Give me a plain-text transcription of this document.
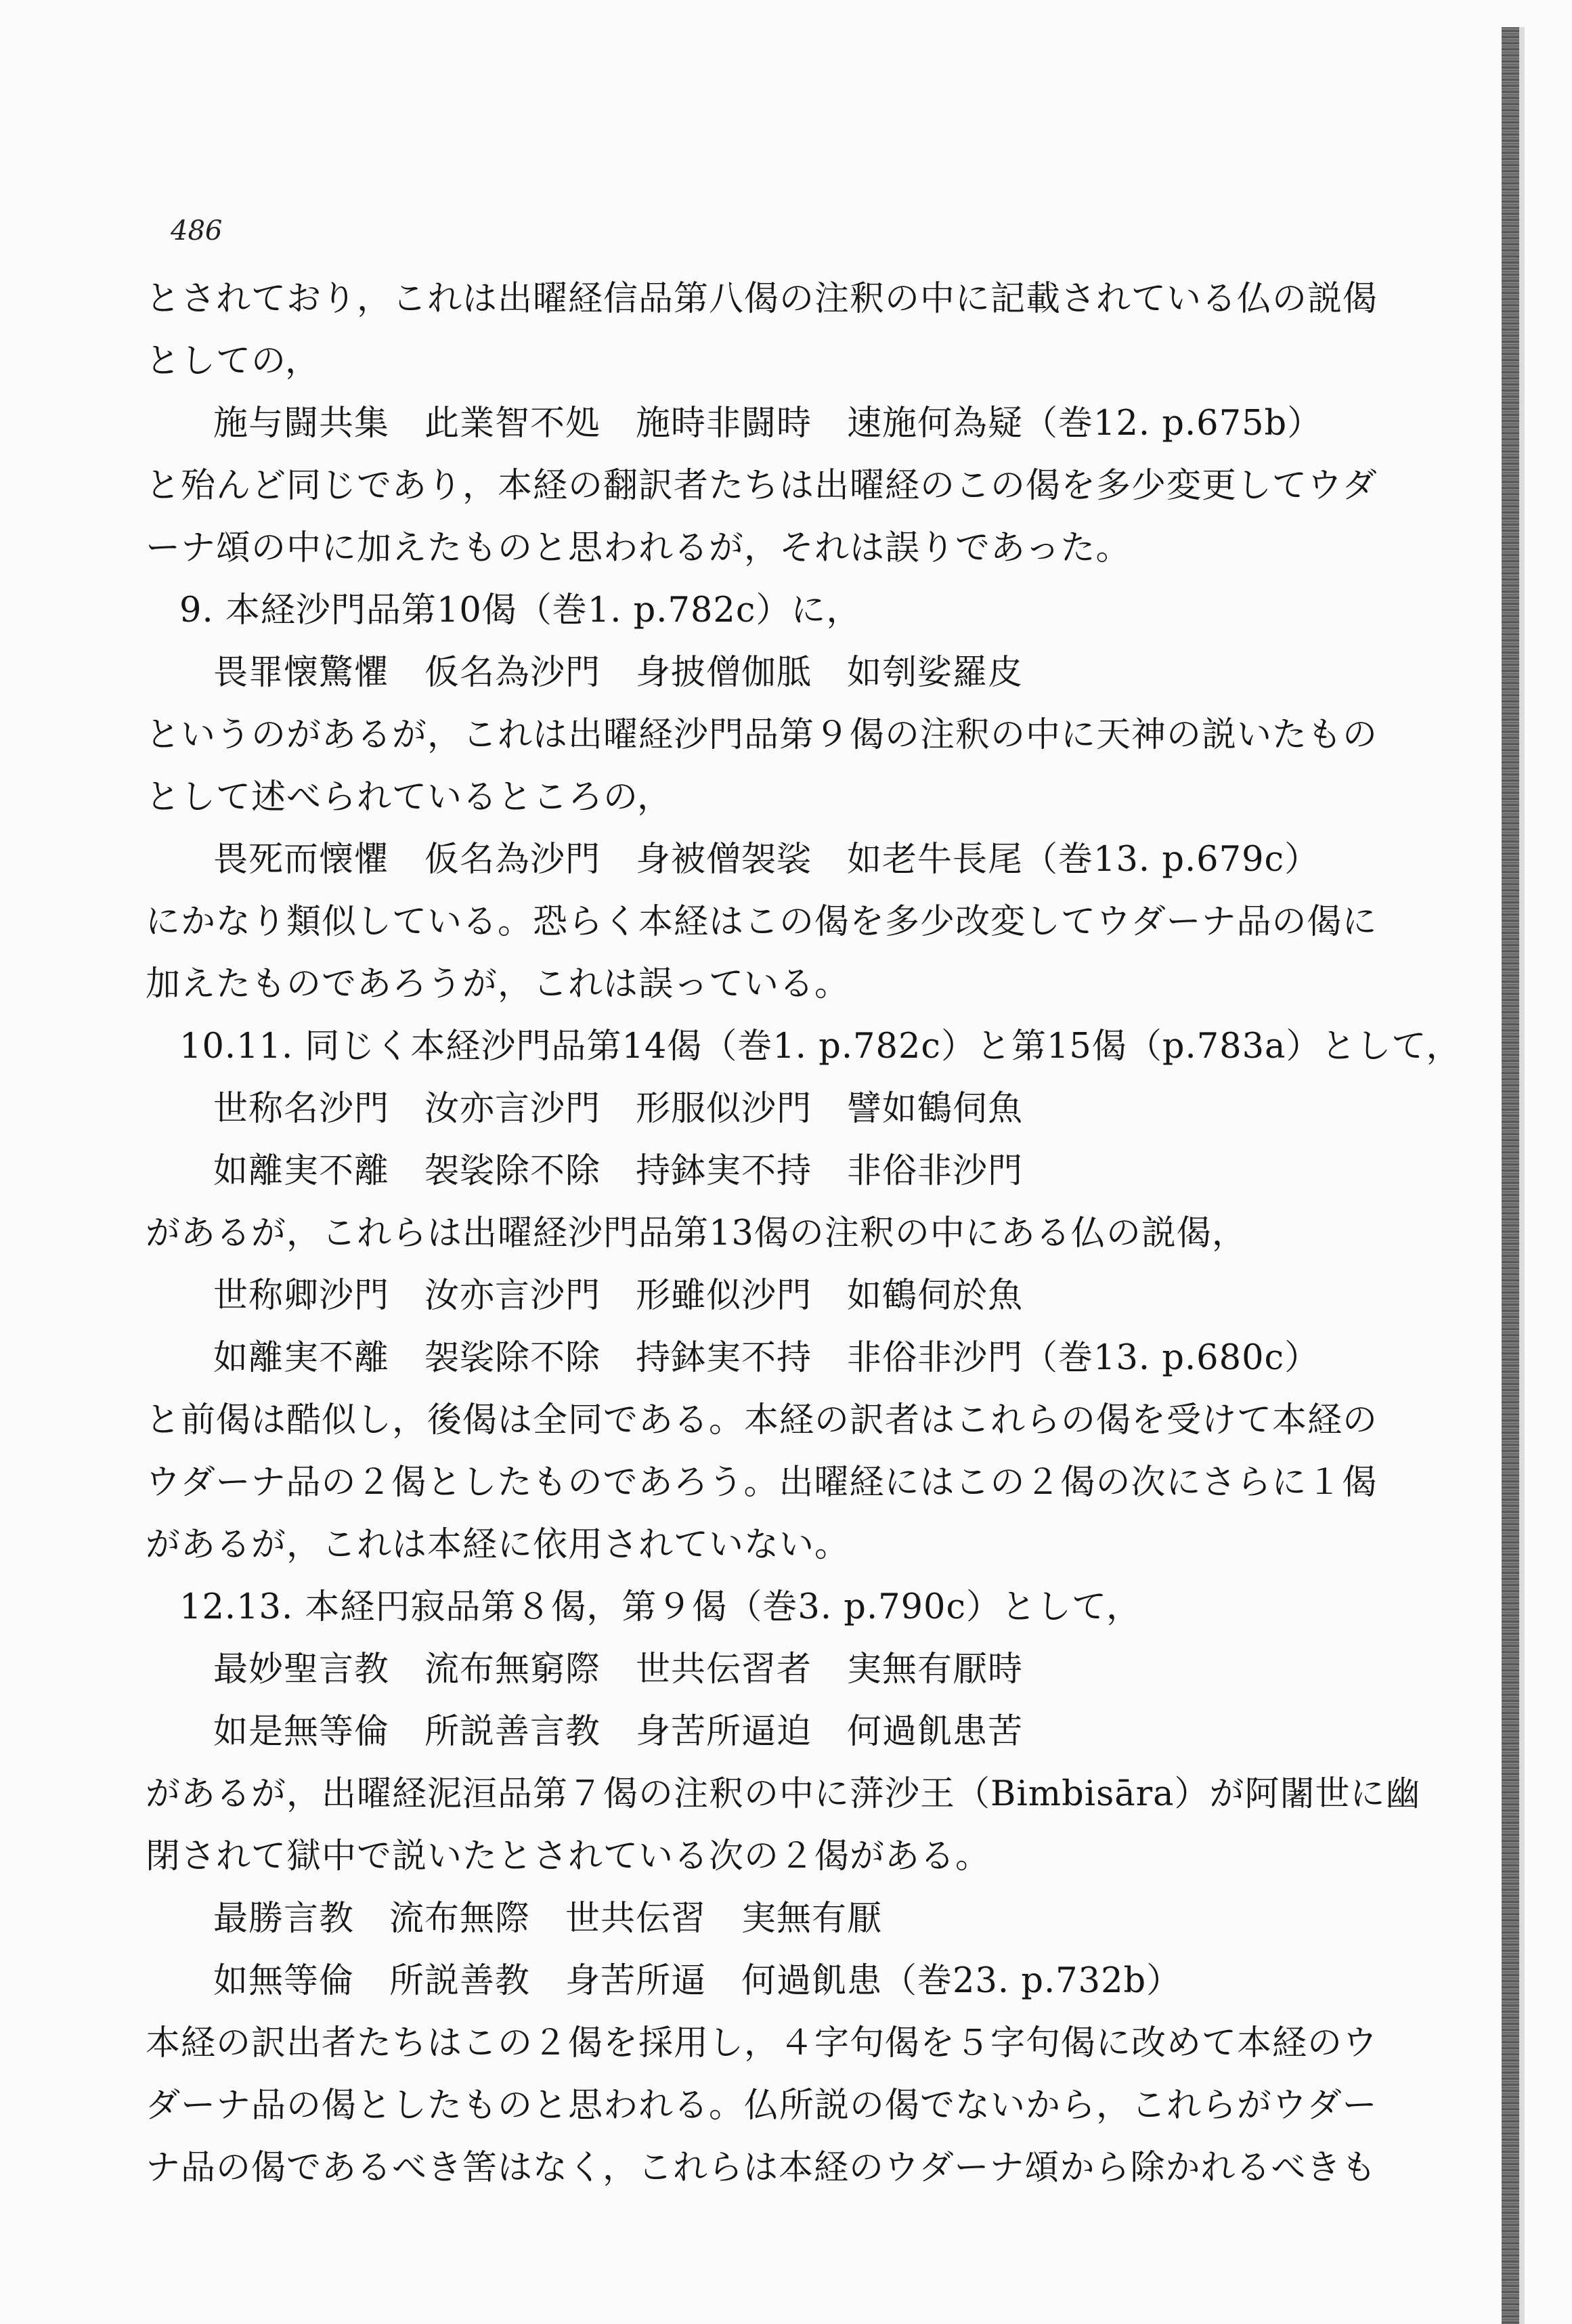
486
とされており，これは出曜経信品第八偈の注釈の中に記載されている仏の説偈
としての，
施与闘共集　此業智不処　施時非闘時　速施何為疑（巻12. p.675b）
と殆んど同じであり，本経の翻訳者たちは出曜経のこの偈を多少変更してウダ
ーナ頌の中に加えたものと思われるが，それは誤りであった。
9. 本経沙門品第10偈（巻1. p.782c）に，
畏罪懐驚懼　仮名為沙門　身披僧伽胝　如刳娑羅皮
というのがあるが，これは出曜経沙門品第９偈の注釈の中に天神の説いたもの
として述べられているところの，
畏死而懐懼　仮名為沙門　身被僧袈裟　如老牛長尾（巻13. p.679c）
にかなり類似している。恐らく本経はこの偈を多少改変してウダーナ品の偈に
加えたものであろうが，これは誤っている。
10.11. 同じく本経沙門品第14偈（巻1. p.782c）と第15偈（p.783a）として，
世称名沙門　汝亦言沙門　形服似沙門　譬如鶴伺魚
如離実不離　袈裟除不除　持鉢実不持　非俗非沙門
があるが，これらは出曜経沙門品第13偈の注釈の中にある仏の説偈，
世称卿沙門　汝亦言沙門　形雖似沙門　如鶴伺於魚
如離実不離　袈裟除不除　持鉢実不持　非俗非沙門（巻13. p.680c）
と前偈は酷似し，後偈は全同である。本経の訳者はこれらの偈を受けて本経の
ウダーナ品の２偈としたものであろう。出曜経にはこの２偈の次にさらに１偈
があるが，これは本経に依用されていない。
12.13. 本経円寂品第８偈，第９偈（巻3. p.790c）として，
最妙聖言教　流布無窮際　世共伝習者　実無有厭時
如是無等倫　所説善言教　身苦所逼迫　何過飢患苦
があるが，出曜経泥洹品第７偈の注釈の中に蓱沙王（Bimbisāra）が阿闍世に幽
閉されて獄中で説いたとされている次の２偈がある。
最勝言教　流布無際　世共伝習　実無有厭
如無等倫　所説善教　身苦所逼　何過飢患（巻23. p.732b）
本経の訳出者たちはこの２偈を採用し，４字句偈を５字句偈に改めて本経のウ
ダーナ品の偈としたものと思われる。仏所説の偈でないから，これらがウダー
ナ品の偈であるべき筈はなく，これらは本経のウダーナ頌から除かれるべきも
